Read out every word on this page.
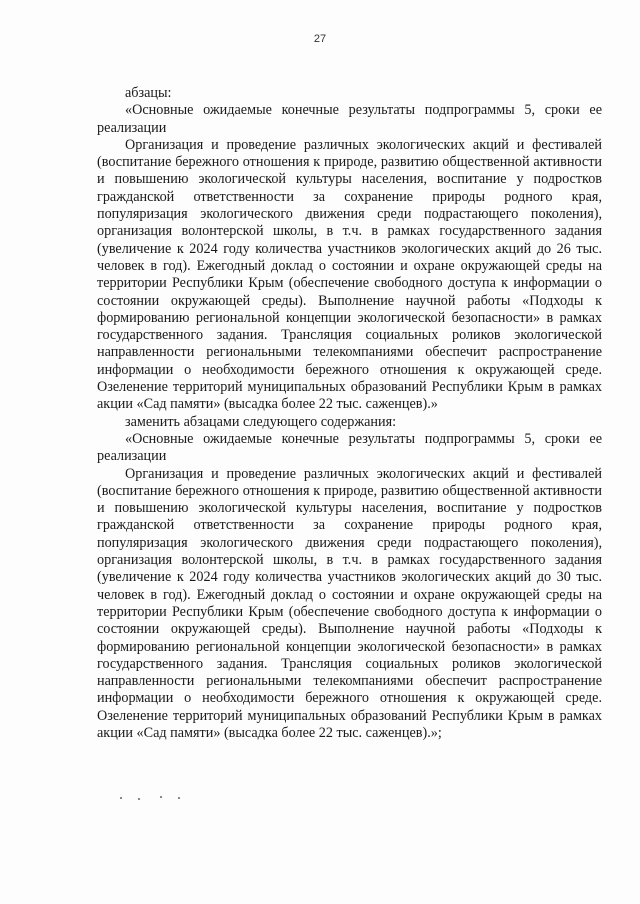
27

абзацы:

«Основные ожидаемые конечные результаты подпрограммы 5, сроки ее реализации

Организация и проведение различных экологических акций и фестивалей (воспитание бережного отношения к природе, развитию общественной активности и повышению экологической культуры населения, воспитание у подростков гражданской ответственности за сохранение природы родного края, популяризация экологического движения среди подрастающего поколения), организация волонтерской школы, в т.ч. в рамках государственного задания (увеличение к 2024 году количества участников экологических акций до 26 тыс. человек в год). Ежегодный доклад о состоянии и охране окружающей среды на территории Республики Крым (обеспечение свободного доступа к информации о состоянии окружающей среды). Выполнение научной работы «Подходы к формированию региональной концепции экологической безопасности» в рамках государственного задания. Трансляция социальных роликов экологической направленности региональными телекомпаниями обеспечит распространение информации о необходимости бережного отношения к окружающей среде. Озеленение территорий муниципальных образований Республики Крым в рамках акции «Сад памяти» (высадка более 22 тыс. саженцев).»

заменить абзацами следующего содержания:

«Основные ожидаемые конечные результаты подпрограммы 5, сроки ее реализации

Организация и проведение различных экологических акций и фестивалей (воспитание бережного отношения к природе, развитию общественной активности и повышению экологической культуры населения, воспитание у подростков гражданской ответственности за сохранение природы родного края, популяризация экологического движения среди подрастающего поколения), организация волонтерской школы, в т.ч. в рамках государственного задания (увеличение к 2024 году количества участников экологических акций до 30 тыс. человек в год). Ежегодный доклад о состоянии и охране окружающей среды на территории Республики Крым (обеспечение свободного доступа к информации о состоянии окружающей среды). Выполнение научной работы «Подходы к формированию региональной концепции экологической безопасности» в рамках государственного задания. Трансляция социальных роликов экологической направленности региональными телекомпаниями обеспечит распространение информации о необходимости бережного отношения к окружающей среде. Озеленение территорий муниципальных образований Республики Крым в рамках акции «Сад памяти» (высадка более 22 тыс. саженцев).»;
